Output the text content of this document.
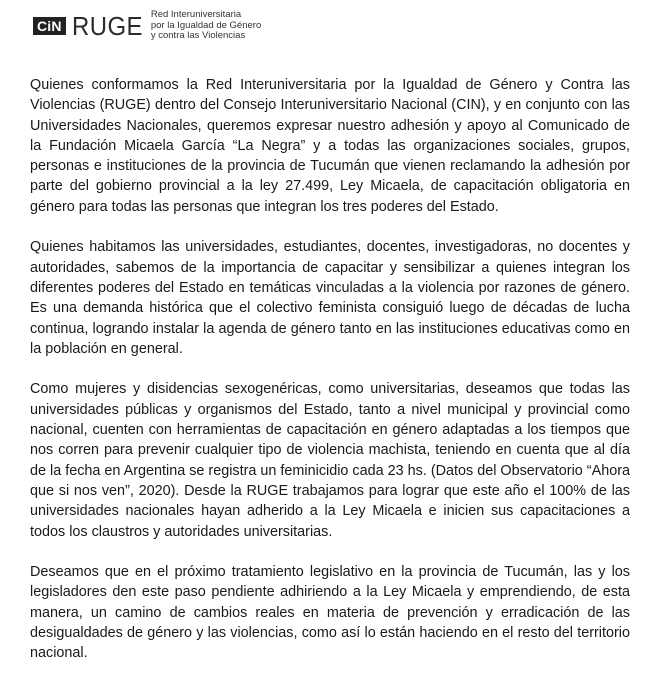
CiN RUGE Red Interuniversitaria
por la Igualdad de Género
y contra las Violencias

Quienes conformamos la Red Interuniversitaria por la Igualdad de Género y Contra las Violencias (RUGE) dentro del Consejo Interuniversitario Nacional (CIN), y en conjunto con las Universidades Nacionales, queremos expresar nuestro adhesión y apoyo al Comunicado de la Fundación Micaela García “La Negra” y a todas las organizaciones sociales, grupos, personas e instituciones de la provincia de Tucumán que vienen reclamando la adhesión por parte del gobierno provincial a la ley 27.499, Ley Micaela, de capacitación obligatoria en género para todas las personas que integran los tres poderes del Estado.

Quienes habitamos las universidades, estudiantes, docentes, investigadoras, no docentes y autoridades, sabemos de la importancia de capacitar y sensibilizar a quienes integran los diferentes poderes del Estado en temáticas vinculadas a la violencia por razones de género. Es una demanda histórica que el colectivo feminista consiguió luego de décadas de lucha continua, logrando instalar la agenda de género tanto en las instituciones educativas como en la población en general.

Como mujeres y disidencias sexogenéricas, como universitarias, deseamos que todas las universidades públicas y organismos del Estado, tanto a nivel municipal y provincial como nacional, cuenten con herramientas de capacitación en género adaptadas a los tiempos que nos corren para prevenir cualquier tipo de violencia machista, teniendo en cuenta que al día de la fecha en Argentina se registra un feminicidio cada 23 hs. (Datos del Observatorio “Ahora que si nos ven”, 2020). Desde la RUGE trabajamos para lograr que este año el 100% de las universidades nacionales hayan adherido a la Ley Micaela e inicien sus capacitaciones a todos los claustros y autoridades universitarias.

Deseamos que en el próximo tratamiento legislativo en la provincia de Tucumán, las y los legisladores den este paso pendiente adhiriendo a la Ley Micaela y emprendiendo, de esta manera, un camino de cambios reales en materia de prevención y erradicación de las desigualdades de género y las violencias, como así lo están haciendo en el resto del territorio nacional.
